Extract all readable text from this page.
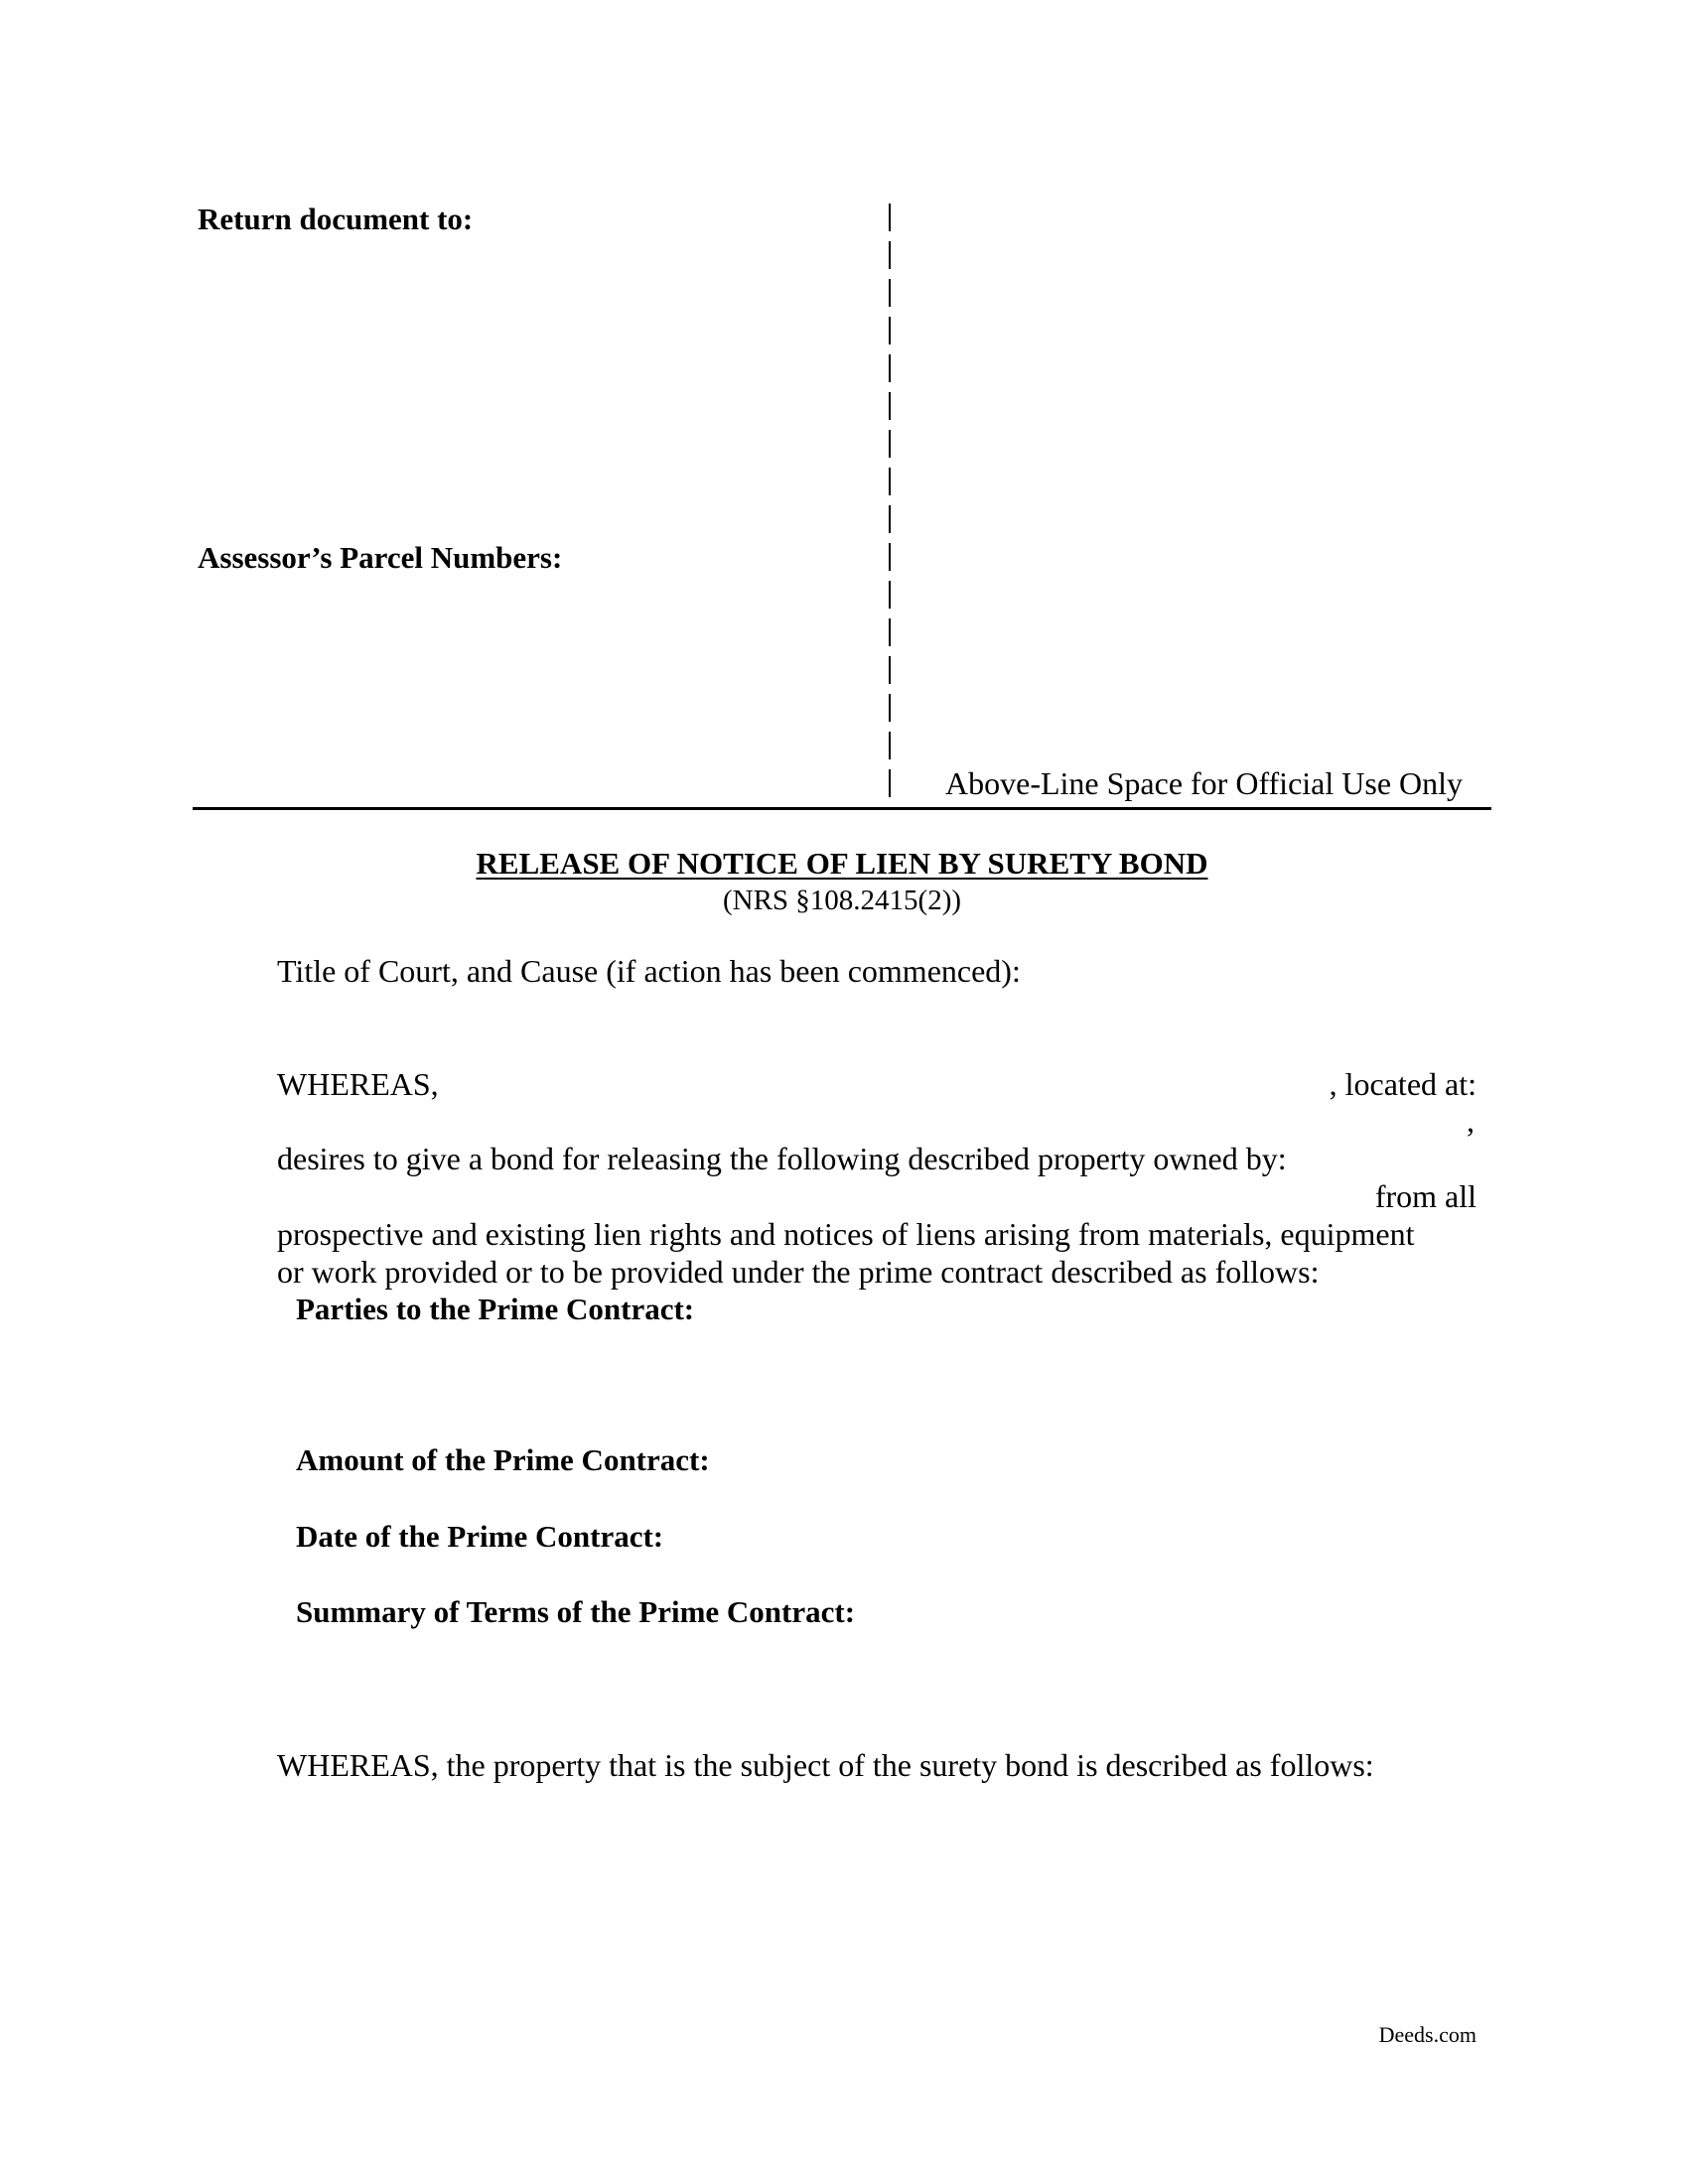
Return document to:
Assessor’s Parcel Numbers:
Above-Line Space for Official Use Only
RELEASE OF NOTICE OF LIEN BY SURETY BOND
(NRS §108.2415(2))
Title of Court, and Cause (if action has been commenced):
WHEREAS,	, located at:
,
desires to give a bond for releasing the following described property owned by:
from all
prospective and existing lien rights and notices of liens arising from materials, equipment
or work provided or to be provided under the prime contract described as follows:
Parties to the Prime Contract:
Amount of the Prime Contract:
Date of the Prime Contract:
Summary of Terms of the Prime Contract:
WHEREAS, the property that is the subject of the surety bond is described as follows:
Deeds.com
